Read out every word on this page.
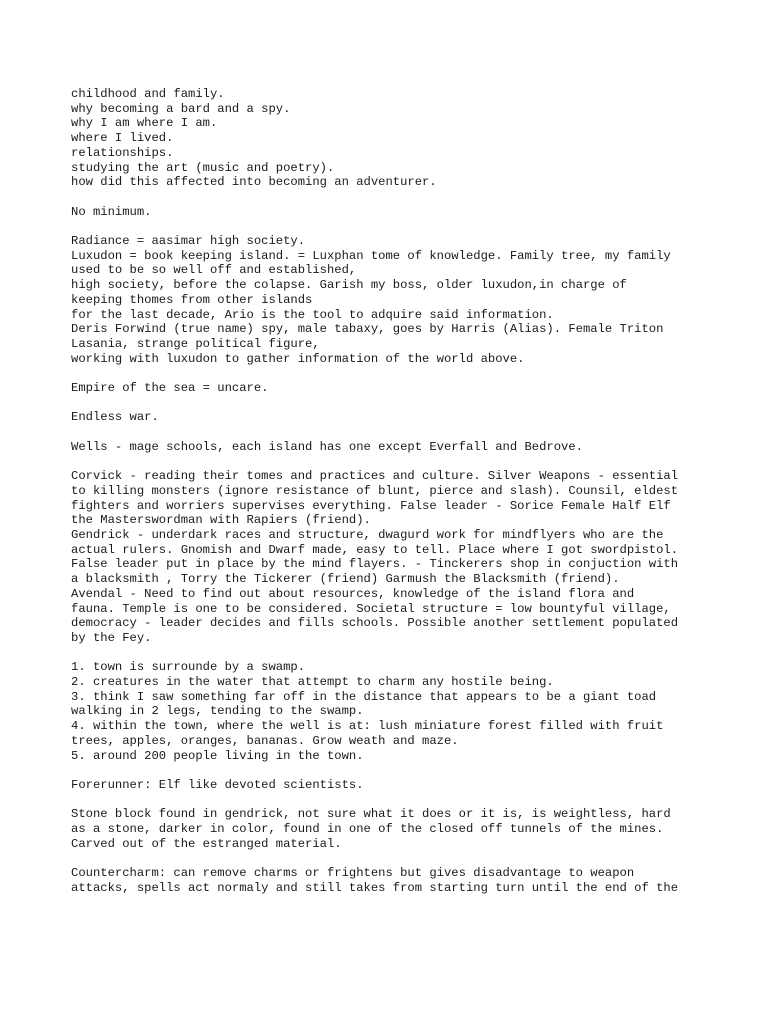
childhood and family.
why becoming a bard and a spy.
why I am where I am.
where I lived.
relationships.
studying the art (music and poetry).
how did this affected into becoming an adventurer.
No minimum.
Radiance = aasimar high society.
Luxudon = book keeping island. = Luxphan tome of knowledge. Family tree, my family
used to be so well off and established,
high society, before the colapse. Garish my boss, older luxudon,in charge of
keeping thomes from other islands
for the last decade, Ario is the tool to adquire said information.
Deris Forwind (true name) spy, male tabaxy, goes by Harris (Alias). Female Triton
Lasania, strange political figure,
working with luxudon to gather information of the world above.
Empire of the sea = uncare.
Endless war.
Wells - mage schools, each island has one except Everfall and Bedrove.
Corvick - reading their tomes and practices and culture. Silver Weapons - essential
to killing monsters (ignore resistance of blunt, pierce and slash). Counsil, eldest
fighters and worriers supervises everything. False leader - Sorice Female Half Elf
the Masterswordman with Rapiers (friend).
Gendrick - underdark races and structure, dwagurd work for mindflyers who are the
actual rulers. Gnomish and Dwarf made, easy to tell. Place where I got swordpistol.
False leader put in place by the mind flayers. - Tinckerers shop in conjuction with
a blacksmith , Torry the Tickerer (friend) Garmush the Blacksmith (friend).
Avendal - Need to find out about resources, knowledge of the island flora and
fauna. Temple is one to be considered. Societal structure = low bountyful village,
democracy - leader decides and fills schools. Possible another settlement populated
by the Fey.
1. town is surrounde by a swamp.
2. creatures in the water that attempt to charm any hostile being.
3. think I saw something far off in the distance that appears to be a giant toad
walking in 2 legs, tending to the swamp.
4. within the town, where the well is at: lush miniature forest filled with fruit
trees, apples, oranges, bananas. Grow weath and maze.
5. around 200 people living in the town.
Forerunner: Elf like devoted scientists.
Stone block found in gendrick, not sure what it does or it is, is weightless, hard
as a stone, darker in color, found in one of the closed off tunnels of the mines.
Carved out of the estranged material.
Countercharm: can remove charms or frightens but gives disadvantage to weapon
attacks, spells act normaly and still takes from starting turn until the end of the
